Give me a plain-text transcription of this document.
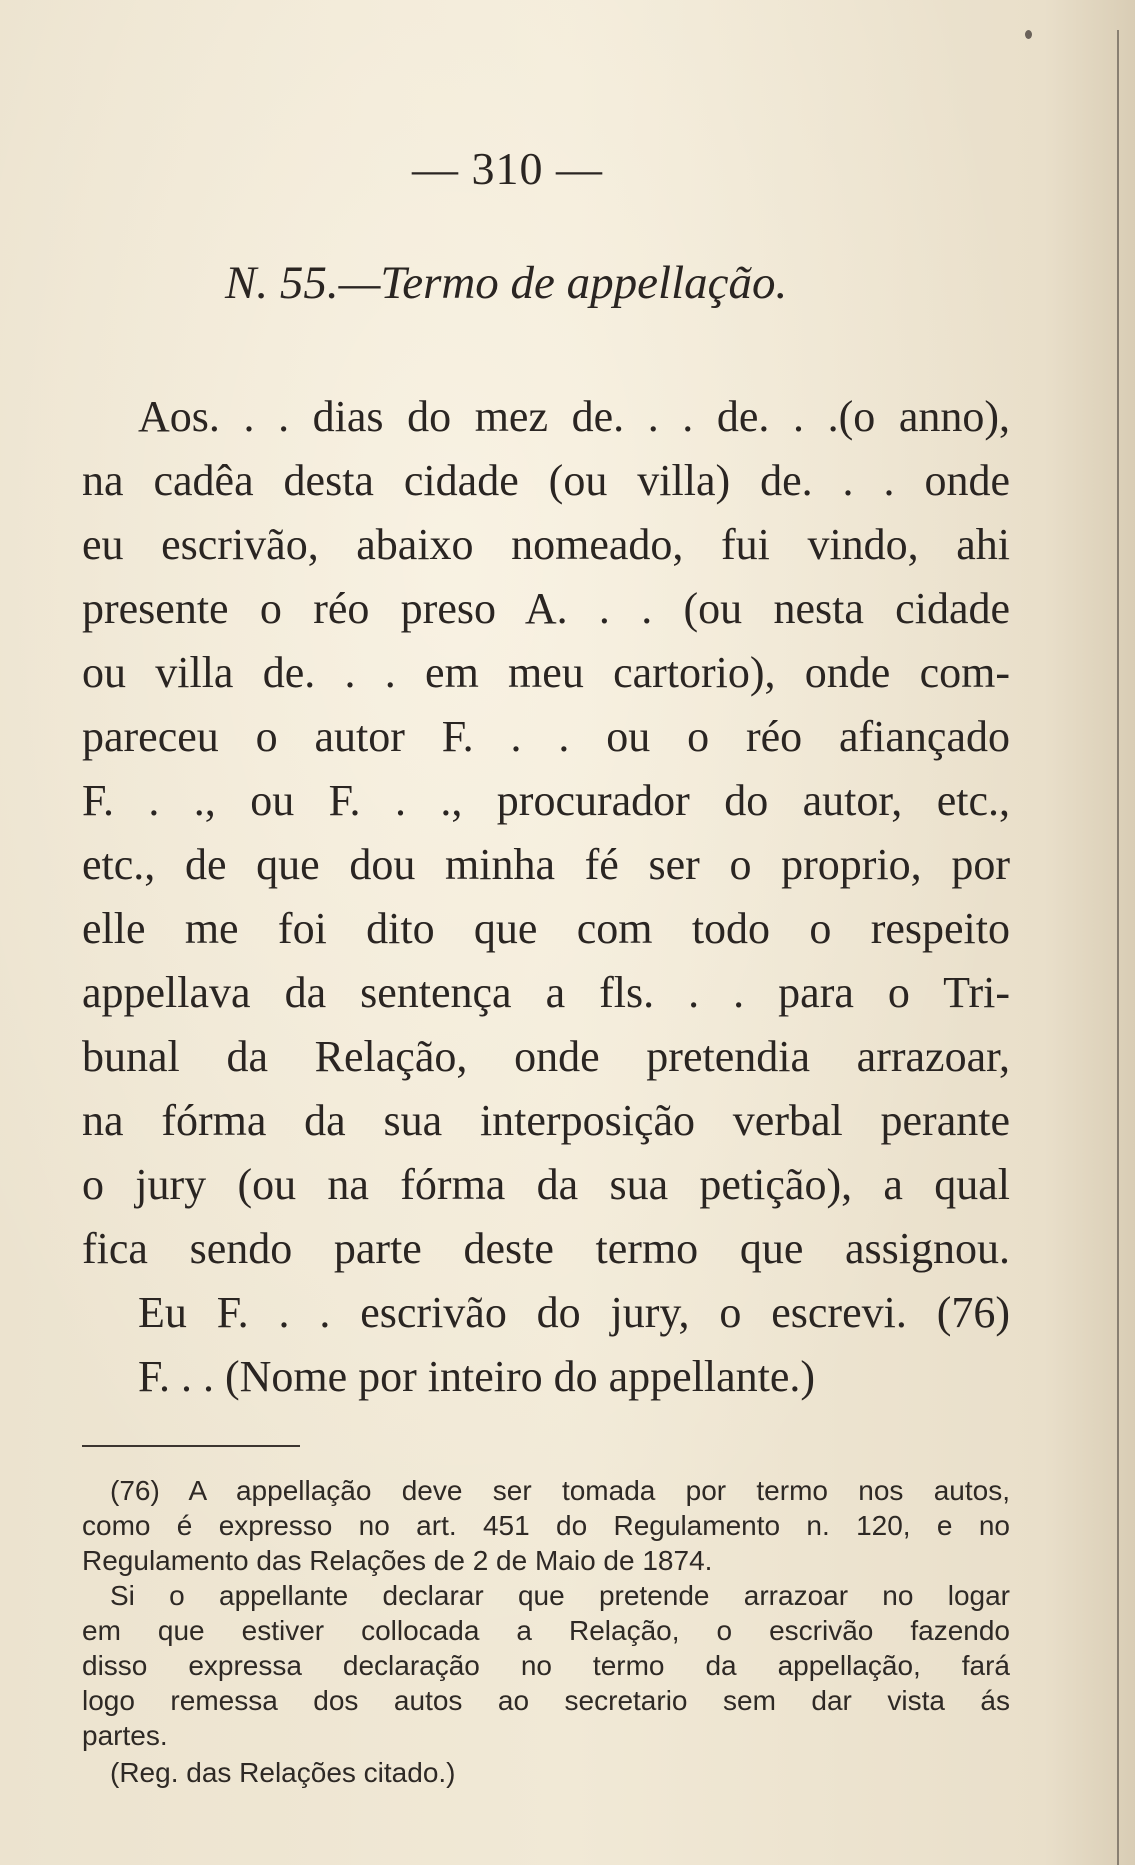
— 310 —
N. 55.—Termo de appellação.
Aos. . . dias do mez de. . . de. . .(o anno),
na cadêa desta cidade (ou villa) de. . . onde
eu escrivão, abaixo nomeado, fui vindo, ahi
presente o réo preso A. . . (ou nesta cidade
ou villa de. . . em meu cartorio), onde com-
pareceu o autor F. . . ou o réo afiançado
F. . ., ou F. . ., procurador do autor, etc.,
etc., de que dou minha fé ser o proprio, por
elle me foi dito que com todo o respeito
appellava da sentença a fls. . . para o Tri-
bunal da Relação, onde pretendia arrazoar,
na fórma da sua interposição verbal perante
o jury (ou na fórma da sua petição), a qual
fica sendo parte deste termo que assignou.
Eu F. . . escrivão do jury, o escrevi. (76)
F. . . (Nome por inteiro do appellante.)
(76) A appellação deve ser tomada por termo nos autos,
como é expresso no art. 451 do Regulamento n. 120, e no
Regulamento das Relações de 2 de Maio de 1874.
Si o appellante declarar que pretende arrazoar no logar
em que estiver collocada a Relação, o escrivão fazendo
disso expressa declaração no termo da appellação, fará
logo remessa dos autos ao secretario sem dar vista ás
partes.
(Reg. das Relações citado.)
